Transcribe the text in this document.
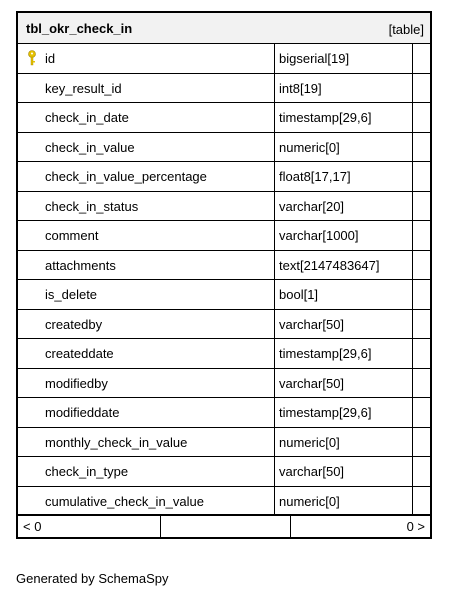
tbl_okr_check_in	[table]
id	bigserial[19]
key_result_id	int8[19]
check_in_date	timestamp[29,6]
check_in_value	numeric[0]
check_in_value_percentage	float8[17,17]
check_in_status	varchar[20]
comment	varchar[1000]
attachments	text[2147483647]
is_delete	bool[1]
createdby	varchar[50]
createddate	timestamp[29,6]
modifiedby	varchar[50]
modifieddate	timestamp[29,6]
monthly_check_in_value	numeric[0]
check_in_type	varchar[50]
cumulative_check_in_value	numeric[0]
< 0	0 >
Generated by SchemaSpy
